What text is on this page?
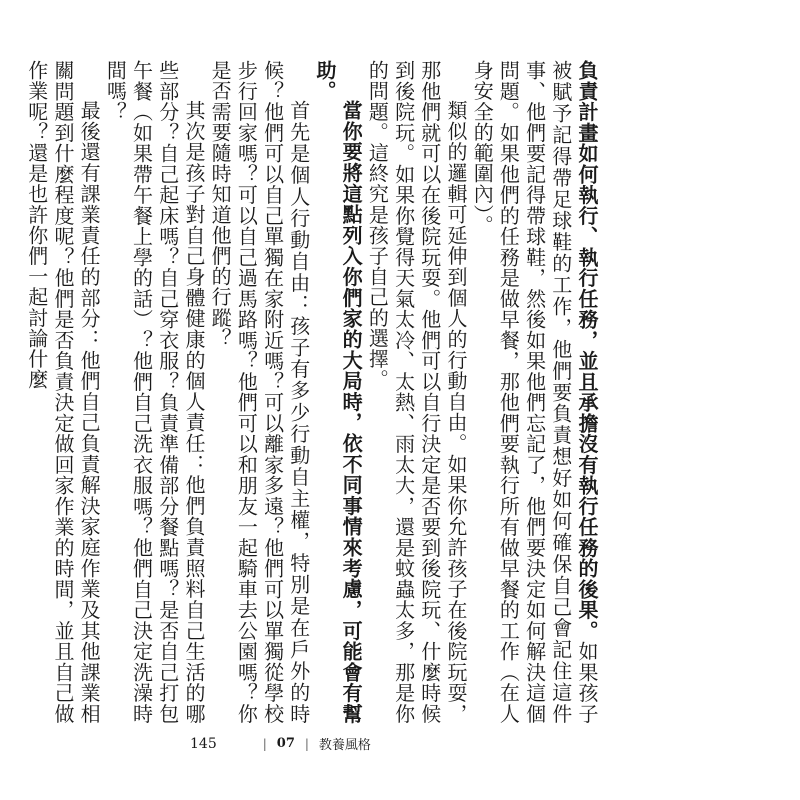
負責計畫如何執行、執行任務，並且承擔沒有執行任務的後果。如果孩子被賦予記得帶足球鞋的工作，他們要負責想好如何確保自己會記住這件事、他們要記得帶球鞋，然後如果他們忘記了，他們要決定如何解決這個問題。如果他們的任務是做早餐，那他們要執行所有做早餐的工作（在人身安全的範圍內）。

類似的邏輯可延伸到個人的行動自由。如果你允許孩子在後院玩耍，那他們就可以在後院玩耍。他們可以自行決定是否要到後院玩、什麼時候到後院玩。如果你覺得天氣太冷、太熱、雨太大，還是蚊蟲太多，那是你的問題。這終究是孩子自己的選擇。

當你要將這點列入你們家的大局時，依不同事情來考慮，可能會有幫助。

首先是個人行動自由：孩子有多少行動自主權，特別是在戶外的時候？他們可以自己單獨在家附近嗎？可以離家多遠？他們可以單獨從學校步行回家嗎？可以自己過馬路嗎？他們可以和朋友一起騎車去公園嗎？你是否需要隨時知道他們的行蹤？

其次是孩子對自己身體健康的個人責任：他們負責照料自己生活的哪些部分？自己起床嗎？自己穿衣服？負責準備部分餐點嗎？是否自己打包午餐（如果帶午餐上學的話）？他們自己洗衣服嗎？他們自己決定洗澡時間嗎？

最後還有課業責任的部分：他們自己負責解決家庭作業及其他課業相關問題到什麼程度呢？他們是否負責決定做回家作業的時間，並且自己做作業呢？還是也許你們一起討論什麼

145	| 07 | 教養風格
